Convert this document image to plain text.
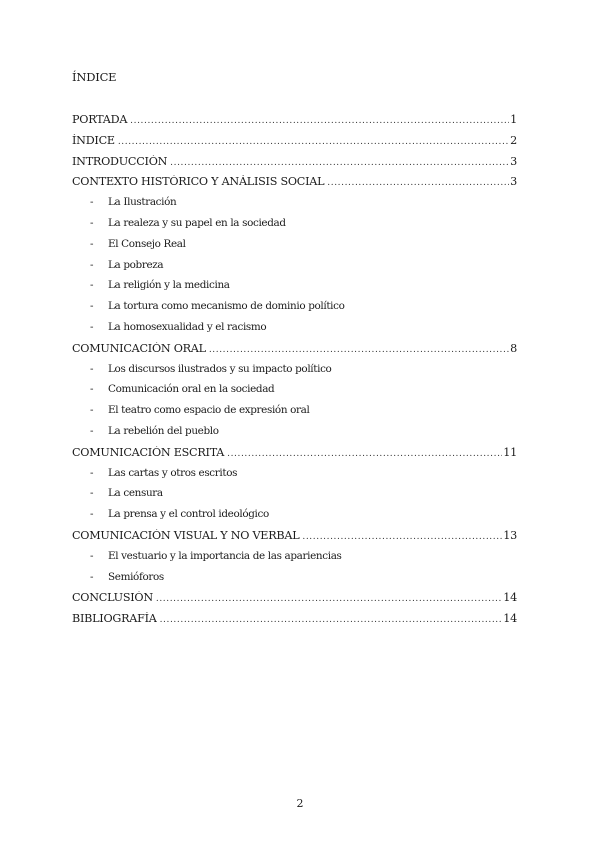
ÍNDICE
PORTADA .....	1
ÍNDICE .....	2
INTRODUCCIÓN .....	3
CONTEXTO HISTÓRICO Y ANÁLISIS SOCIAL .....	3
-	La Ilustración
-	La realeza y su papel en la sociedad
-	El Consejo Real
-	La pobreza
-	La religión y la medicina
-	La tortura como mecanismo de dominio político
-	La homosexualidad y el racismo
COMUNICACIÓN ORAL .....	8
-	Los discursos ilustrados y su impacto político
-	Comunicación oral en la sociedad
-	El teatro como espacio de expresión oral
-	La rebelión del pueblo
COMUNICACIÓN ESCRITA .....	11
-	Las cartas y otros escritos
-	La censura
-	La prensa y el control ideológico
COMUNICACIÓN VISUAL Y NO VERBAL .....	13
-	El vestuario y la importancia de las apariencias
-	Semióforos
CONCLUSIÓN .....	14
BIBLIOGRAFÍA .....	14
2
